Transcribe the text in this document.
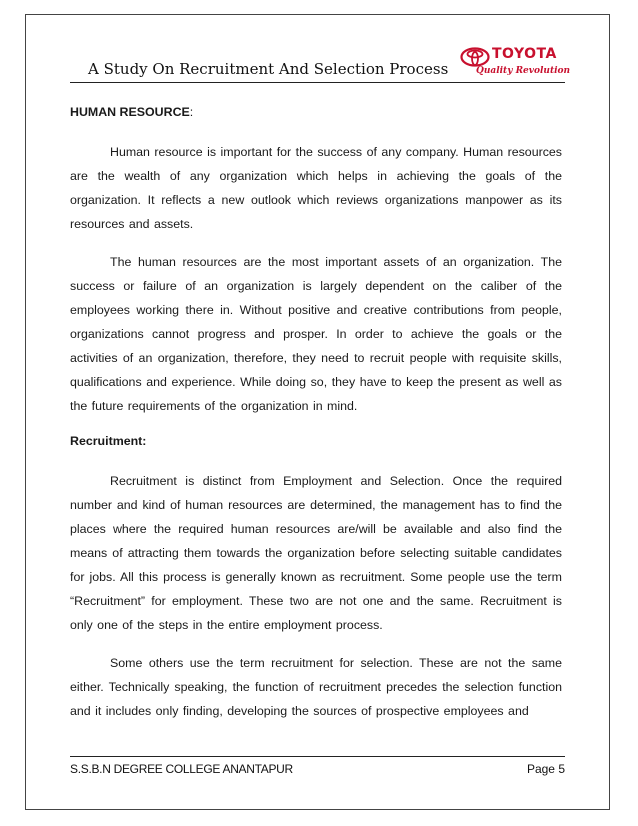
A Study On Recruitment And Selection Process
TOYOTA
Quality Revolution

HUMAN RESOURCE:

Human resource is important for the success of any company. Human resources are the wealth of any organization which helps in achieving the goals of the organization. It reflects a new outlook which reviews organizations manpower as its resources and assets.

The human resources are the most important assets of an organization. The success or failure of an organization is largely dependent on the caliber of the employees working there in. Without positive and creative contributions from people, organizations cannot progress and prosper. In order to achieve the goals or the activities of an organization, therefore, they need to recruit people with requisite skills, qualifications and experience. While doing so, they have to keep the present as well as the future requirements of the organization in mind.

Recruitment:

Recruitment is distinct from Employment and Selection. Once the required number and kind of human resources are determined, the management has to find the places where the required human resources are/will be available and also find the means of attracting them towards the organization before selecting suitable candidates for jobs. All this process is generally known as recruitment. Some people use the term “Recruitment” for employment. These two are not one and the same. Recruitment is only one of the steps in the entire employment process.

Some others use the term recruitment for selection. These are not the same either. Technically speaking, the function of recruitment precedes the selection function and it includes only finding, developing the sources of prospective employees and

S.S.B.N DEGREE COLLEGE ANANTAPUR	Page 5
